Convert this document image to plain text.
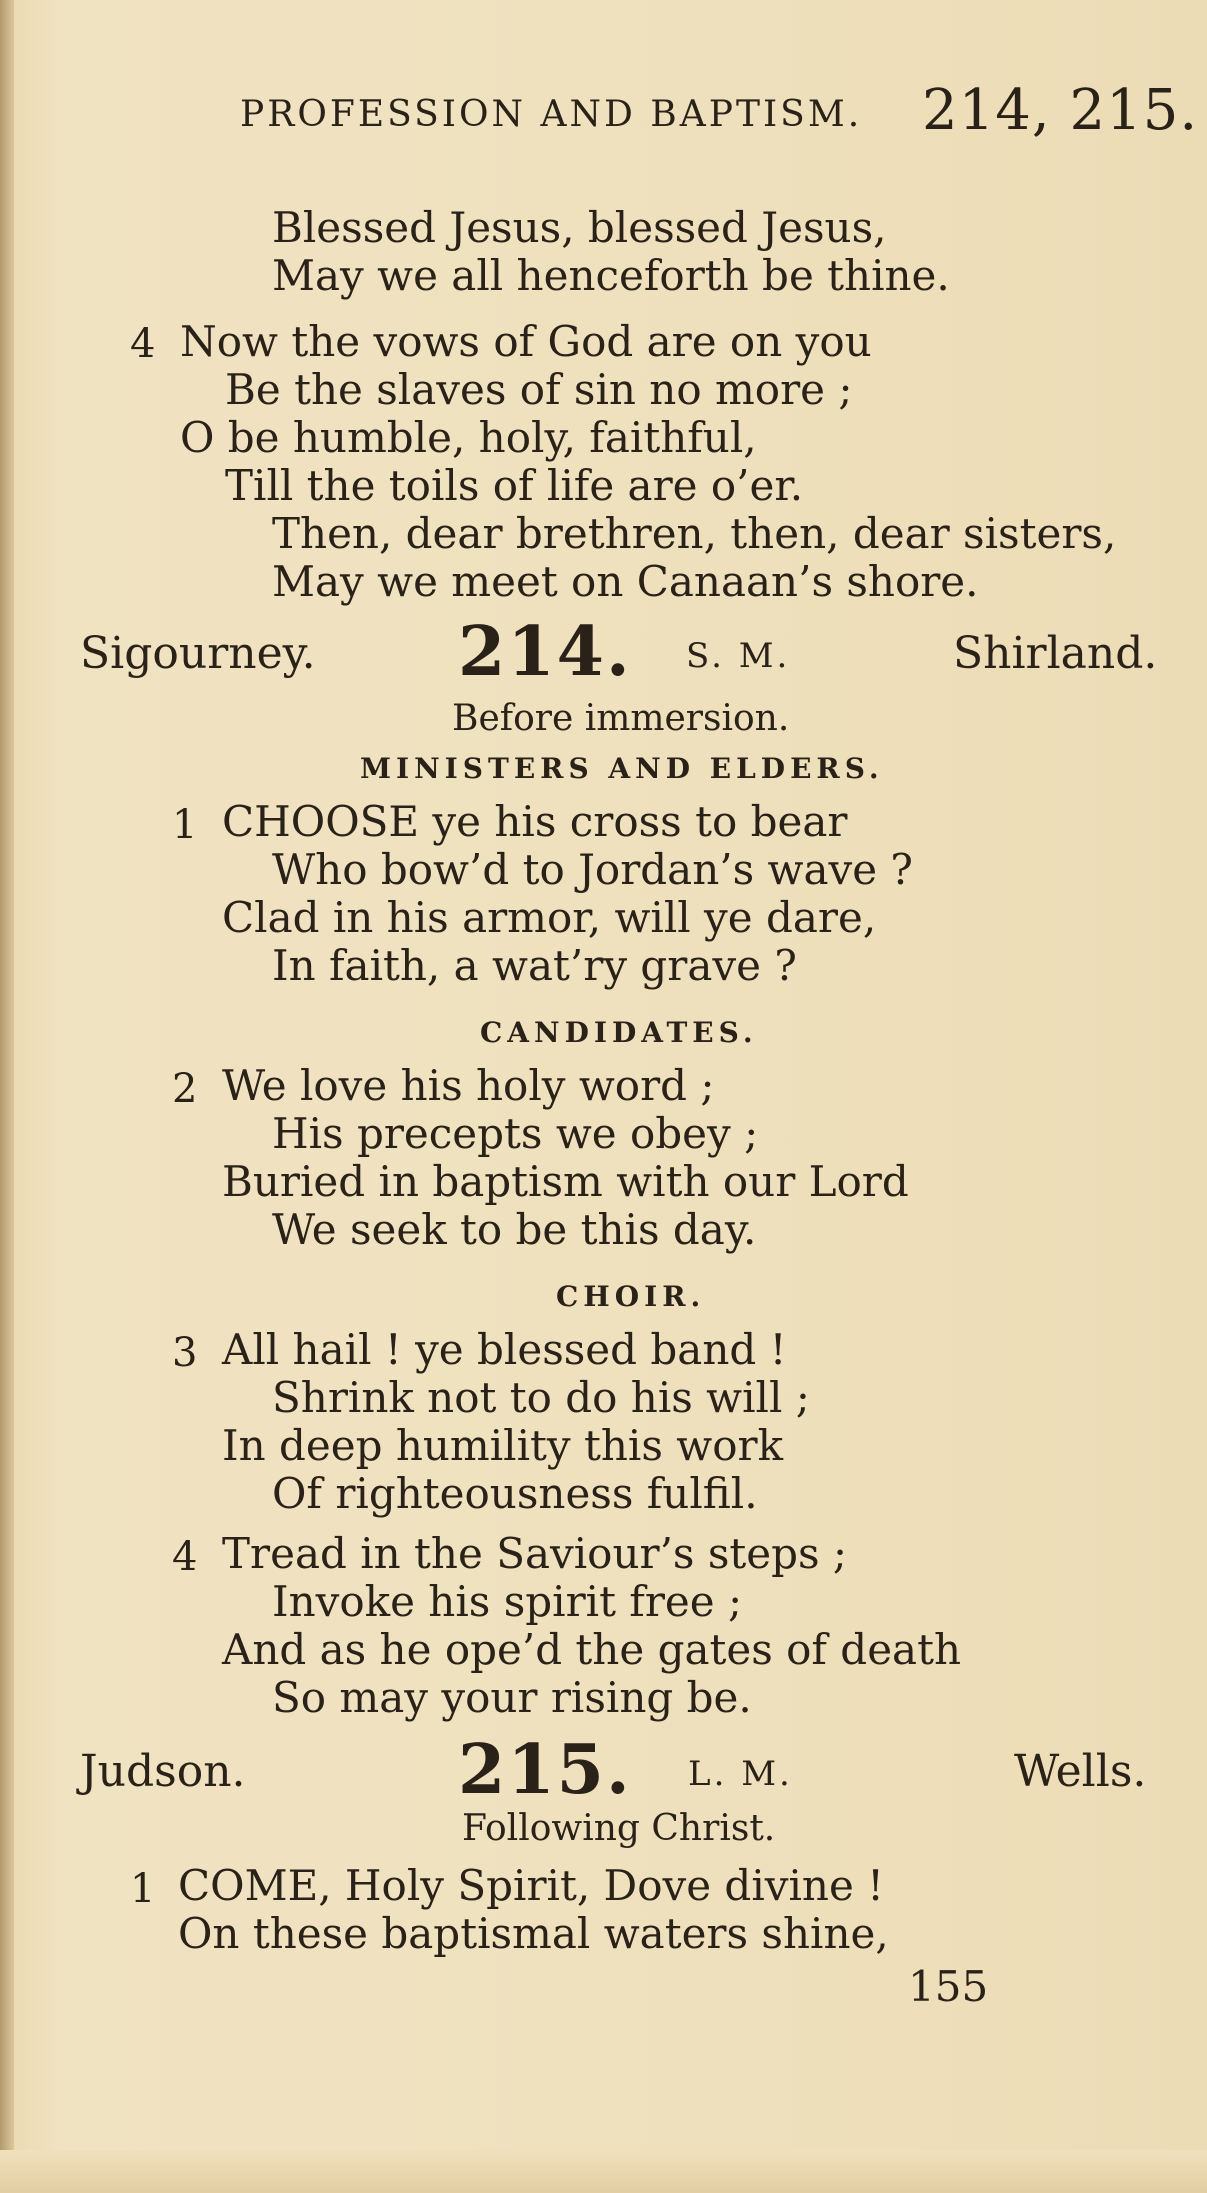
PROFESSION AND BAPTISM. 214, 215.

Blessed Jesus, blessed Jesus,

May we all henceforth be thine.

4 Now the vows of God are on you

Be the slaves of sin no more ;

O be humble, holy, faithful,

Till the toils of life are o’er.

Then, dear brethren, then, dear sisters,

May we meet on Canaan’s shore.

Sigourney. 214. S. M.	Shirland.

Before immersion.

MINISTERS AND ELDERS.

1 CHOOSE ye his cross to bear

Who bow’d to Jordan’s wave ?

Clad in his armor, will ye dare,

In faith, a wat’ry grave ?

CANDIDATES.

2 We love his holy word ;

His precepts we obey ;

Buried in baptism with our Lord

We seek to be this day.

CHOIR.

3 All hail ! ye blessed band !

Shrink not to do his will ;

In deep humility this work

Of righteousness fulfil.

4 Tread in the Saviour’s steps ;

Invoke his spirit free ;

And as he ope’d the gates of death

So may your rising be.

Judson.	215. L. M.	Wells.

Following Christ.

1 COME, Holy Spirit, Dove divine !

On these baptismal waters shine,

155
